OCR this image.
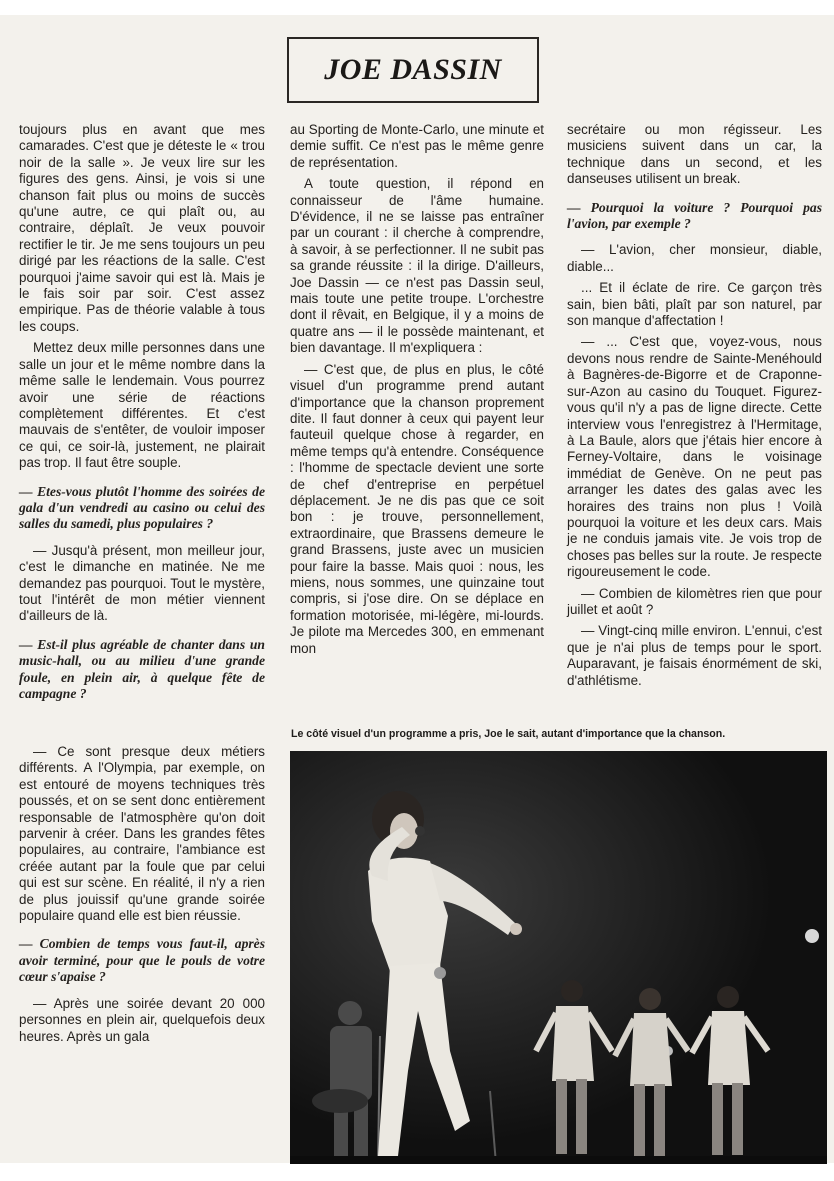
JOE DASSIN

toujours plus en avant que mes camarades. C'est que je déteste le « trou noir de la salle ». Je veux lire sur les figures des gens. Ainsi, je vois si une chanson fait plus ou moins de succès qu'une autre, ce qui plaît ou, au contraire, déplaît. Je veux pouvoir rectifier le tir. Je me sens toujours un peu dirigé par les réactions de la salle. C'est pourquoi j'aime savoir qui est là. Mais je le fais soir par soir. C'est assez empirique. Pas de théorie valable à tous les coups.

Mettez deux mille personnes dans une salle un jour et le même nombre dans la même salle le lendemain. Vous pourrez avoir une série de réactions complètement différentes. Et c'est mauvais de s'entêter, de vouloir imposer ce qui, ce soir-là, justement, ne plairait pas trop. Il faut être souple.

— Etes-vous plutôt l'homme des soirées de gala d'un vendredi au casino ou celui des salles du samedi, plus populaires ?

— Jusqu'à présent, mon meilleur jour, c'est le dimanche en matinée. Ne me demandez pas pourquoi. Tout le mystère, tout l'intérêt de mon métier viennent d'ailleurs de là.

— Est-il plus agréable de chanter dans un music-hall, ou au milieu d'une grande foule, en plein air, à quelque fête de campagne ?

— Ce sont presque deux métiers différents. A l'Olympia, par exemple, on est entouré de moyens techniques très poussés, et on se sent donc entièrement responsable de l'atmosphère qu'on doit parvenir à créer. Dans les grandes fêtes populaires, au contraire, l'ambiance est créée autant par la foule que par celui qui est sur scène. En réalité, il n'y a rien de plus jouissif qu'une grande soirée populaire quand elle est bien réussie.

— Combien de temps vous faut-il, après avoir terminé, pour que le pouls de votre cœur s'apaise ?

— Après une soirée devant 20 000 personnes en plein air, quelquefois deux heures. Après un gala

au Sporting de Monte-Carlo, une minute et demie suffit. Ce n'est pas le même genre de représentation.

A toute question, il répond en connaisseur de l'âme humaine. D'évidence, il ne se laisse pas entraîner par un courant : il cherche à comprendre, à savoir, à se perfectionner. Il ne subit pas sa grande réussite : il la dirige. D'ailleurs, Joe Dassin — ce n'est pas Dassin seul, mais toute une petite troupe. L'orchestre dont il rêvait, en Belgique, il y a moins de quatre ans — il le possède maintenant, et bien davantage. Il m'expliquera :

— C'est que, de plus en plus, le côté visuel d'un programme prend autant d'importance que la chanson proprement dite. Il faut donner à ceux qui payent leur fauteuil quelque chose à regarder, en même temps qu'à entendre. Conséquence : l'homme de spectacle devient une sorte de chef d'entreprise en perpétuel déplacement. Je ne dis pas que ce soit bon : je trouve, personnellement, extraordinaire, que Brassens demeure le grand Brassens, juste avec un musicien pour faire la basse. Mais quoi : nous, les miens, nous sommes, une quinzaine tout compris, si j'ose dire. On se déplace en formation motorisée, mi-légère, mi-lourds. Je pilote ma Mercedes 300, en emmenant mon

secrétaire ou mon régisseur. Les musiciens suivent dans un car, la technique dans un second, et les danseuses utilisent un break.

— Pourquoi la voiture ? Pourquoi pas l'avion, par exemple ?

— L'avion, cher monsieur, diable, diable...

... Et il éclate de rire. Ce garçon très sain, bien bâti, plaît par son naturel, par son manque d'affectation !

— ... C'est que, voyez-vous, nous devons nous rendre de Sainte-Menéhould à Bagnères-de-Bigorre et de Craponne-sur-Azon au casino du Touquet. Figurez-vous qu'il n'y a pas de ligne directe. Cette interview vous l'enregistrez à l'Hermitage, à La Baule, alors que j'étais hier encore à Ferney-Voltaire, dans le voisinage immédiat de Genève. On ne peut pas arranger les dates des galas avec les horaires des trains non plus ! Voilà pourquoi la voiture et les deux cars. Mais je ne conduis jamais vite. Je vois trop de choses pas belles sur la route. Je respecte rigoureusement le code.

— Combien de kilomètres rien que pour juillet et août ?

— Vingt-cinq mille environ. L'ennui, c'est que je n'ai plus de temps pour le sport. Auparavant, je faisais énormément de ski, d'athlétisme.

Le côté visuel d'un programme a pris, Joe le sait, autant d'importance que la chanson.
